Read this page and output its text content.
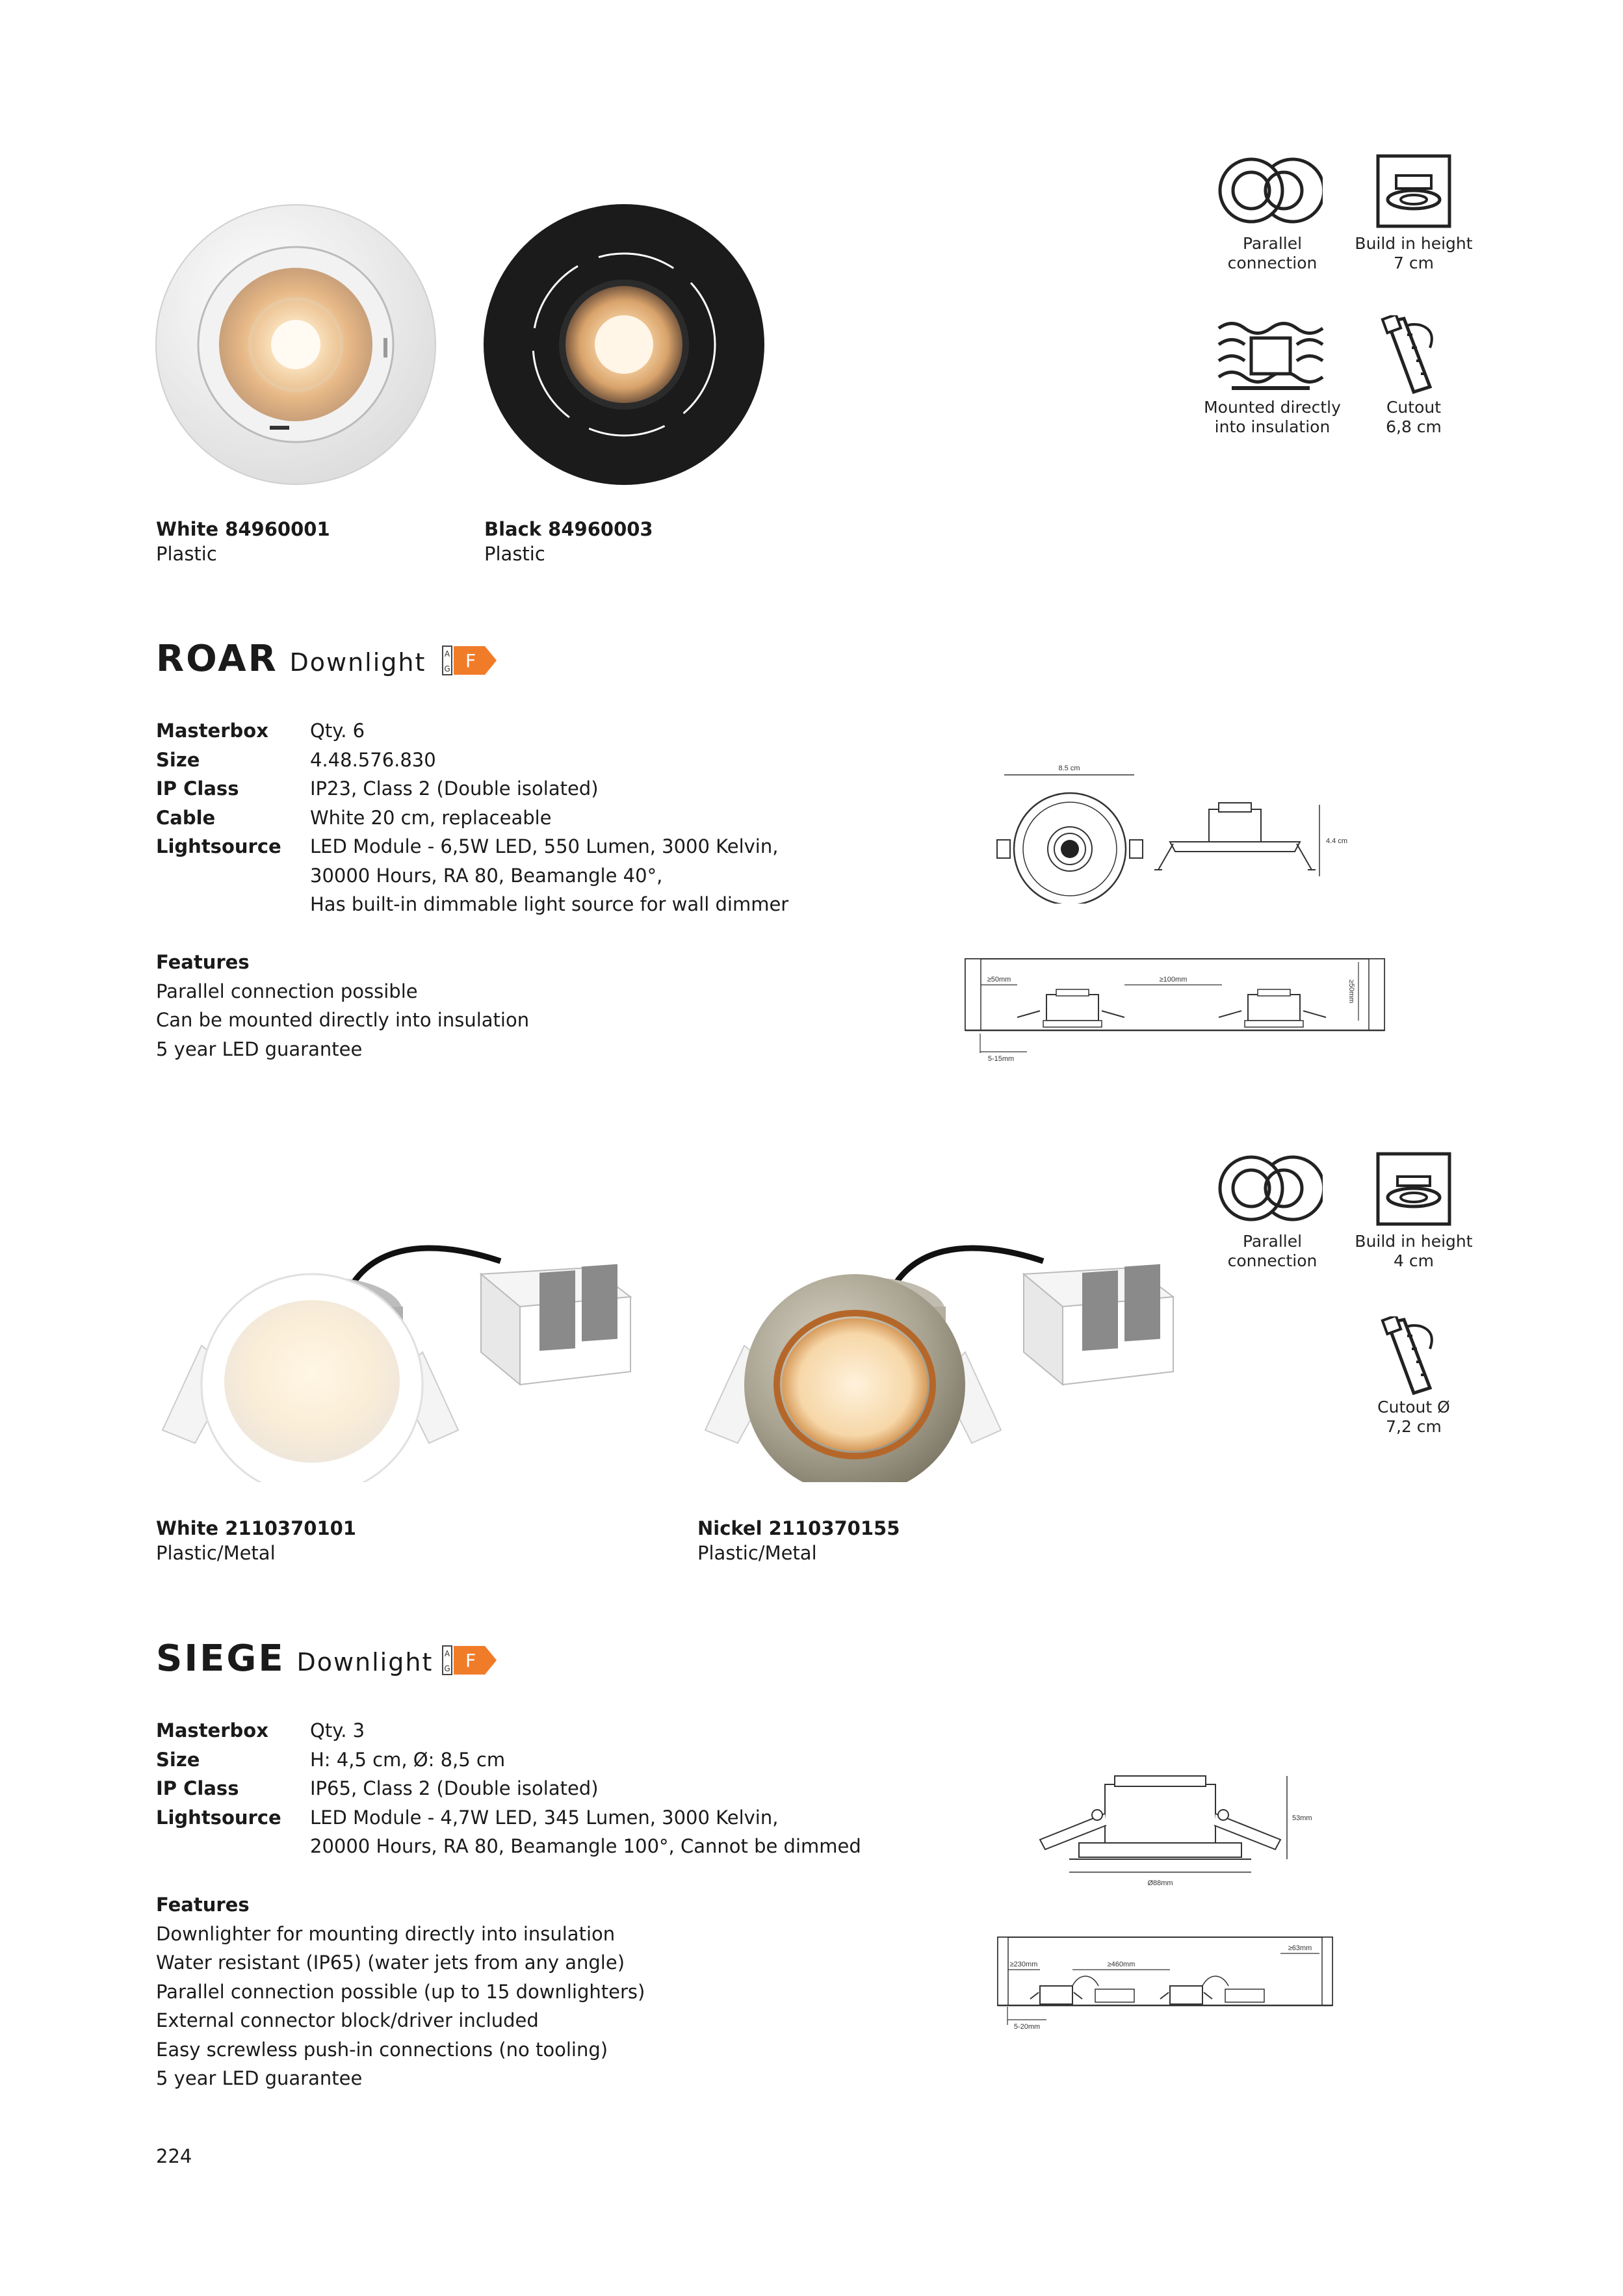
Parallel
connection
Build in height
7 cm
Mounted directly
into insulation
Cutout
6,8 cm
White 84960001
Plastic
Black 84960003
Plastic
ROAR Downlight A
G F
Masterbox	Qty. 6
Size	4.48.576.830
IP Class	IP23, Class 2 (Double isolated)
Cable	White 20 cm, replaceable
Lightsource	LED Module - 6,5W LED, 550 Lumen, 3000 Kelvin,
30000 Hours, RA 80, Beamangle 40°,
Has built-in dimmable light source for wall dimmer
Features
Parallel connection possible
Can be mounted directly into insulation
5 year LED guarantee
8.5 cm
4.4 cm
≥50mm	≥100mm	≥50mm
5-15mm
Parallel
connection
Build in height
4 cm
Cutout Ø
7,2 cm
White 2110370101
Plastic/Metal
Nickel 2110370155
Plastic/Metal
SIEGE Downlight A
G F
Masterbox	Qty. 3
Size	H: 4,5 cm, Ø: 8,5 cm
IP Class	IP65, Class 2 (Double isolated)
Lightsource	LED Module - 4,7W LED, 345 Lumen, 3000 Kelvin,
20000 Hours, RA 80, Beamangle 100°, Cannot be dimmed
Features
Downlighter for mounting directly into insulation
Water resistant (IP65) (water jets from any angle)
Parallel connection possible (up to 15 downlighters)
External connector block/driver included
Easy screwless push-in connections (no tooling)
5 year LED guarantee
53mm
Ø88mm
≥230mm	≥460mm
≥63mm
5-20mm
224
